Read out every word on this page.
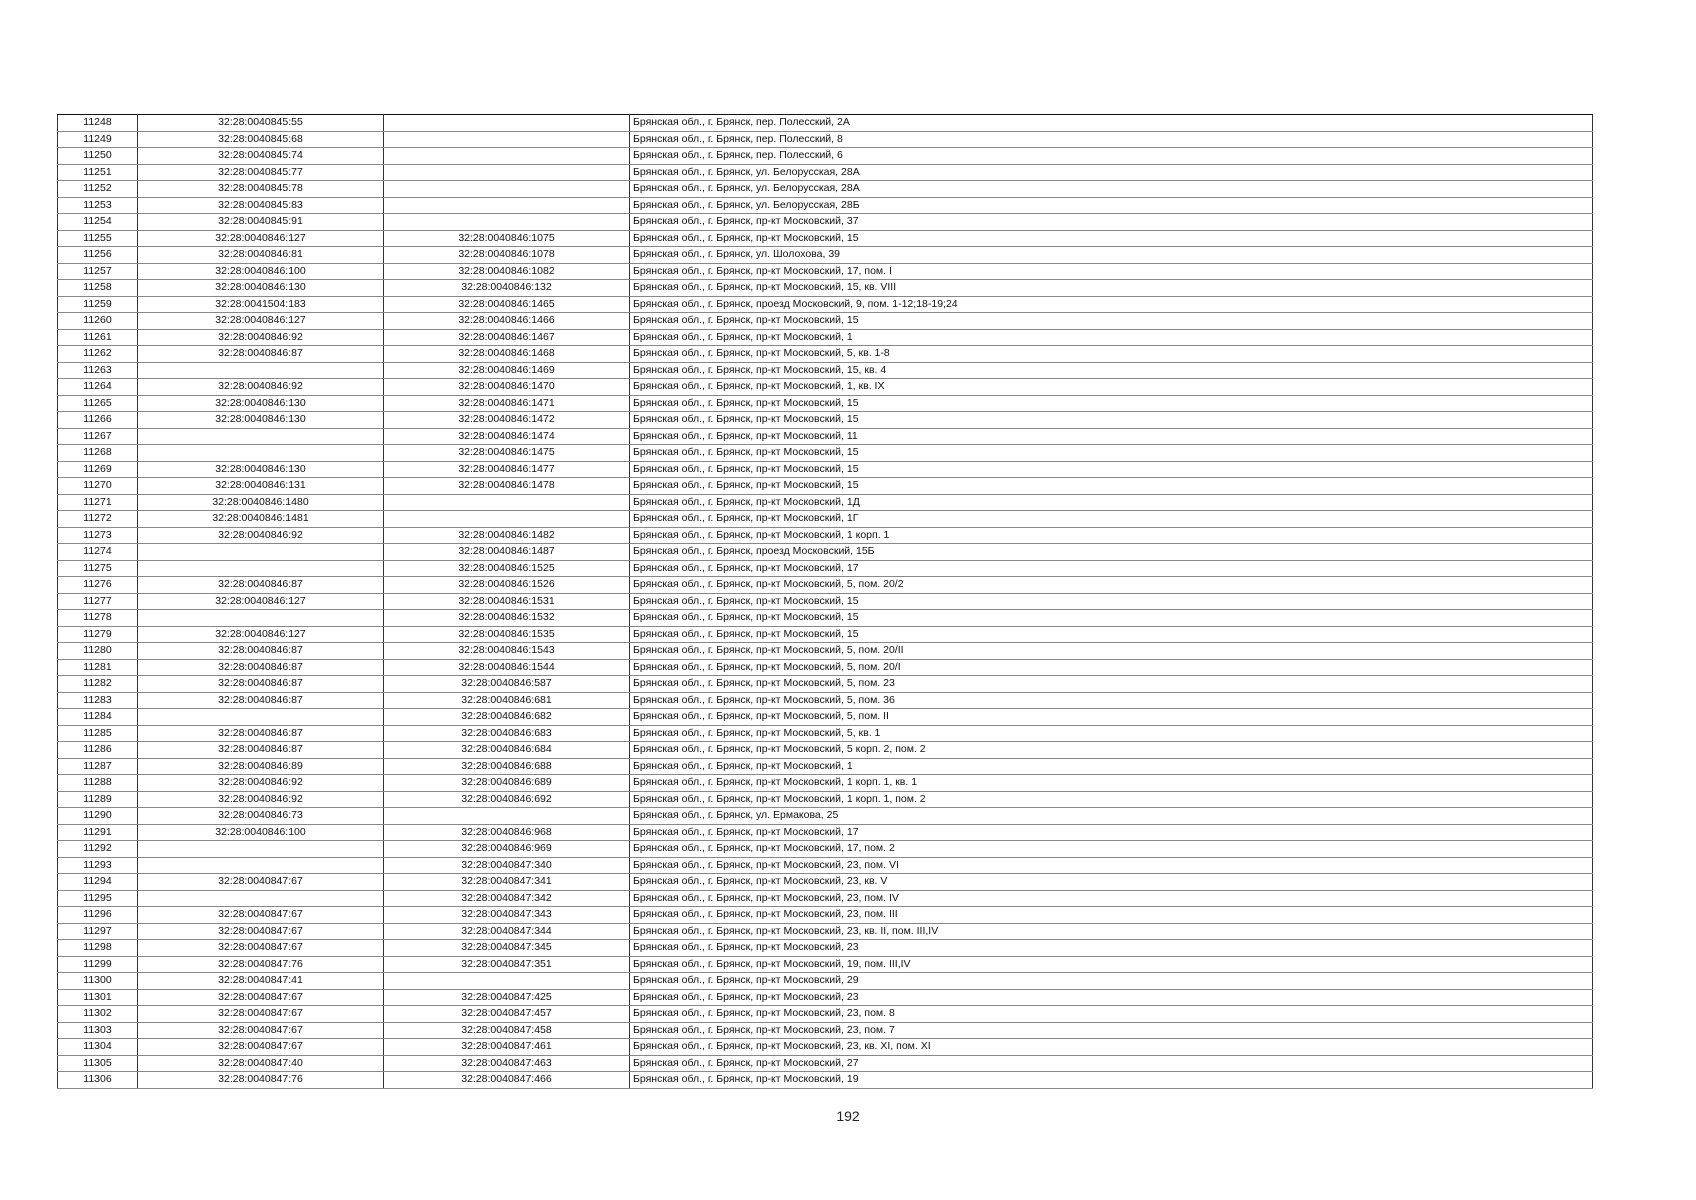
11248	32:28:0040845:55		Брянская обл., г. Брянск, пер. Полесский, 2А
11249	32:28:0040845:68		Брянская обл., г. Брянск, пер. Полесский, 8
11250	32:28:0040845:74		Брянская обл., г. Брянск, пер. Полесский, 6
11251	32:28:0040845:77		Брянская обл., г. Брянск, ул. Белорусская, 28А
11252	32:28:0040845:78		Брянская обл., г. Брянск, ул. Белорусская, 28А
11253	32:28:0040845:83		Брянская обл., г. Брянск, ул. Белорусская, 28Б
11254	32:28:0040845:91		Брянская обл., г. Брянск, пр-кт Московский, 37
11255	32:28:0040846:127	32:28:0040846:1075	Брянская обл., г. Брянск, пр-кт Московский, 15
11256	32:28:0040846:81	32:28:0040846:1078	Брянская обл., г. Брянск, ул. Шолохова, 39
11257	32:28:0040846:100	32:28:0040846:1082	Брянская обл., г. Брянск, пр-кт Московский, 17, пом. I
11258	32:28:0040846:130	32:28:0040846:132	Брянская обл., г. Брянск, пр-кт Московский, 15, кв. VIII
11259	32:28:0041504:183	32:28:0040846:1465	Брянская обл., г. Брянск, проезд Московский, 9, пом. 1-12;18-19;24
11260	32:28:0040846:127	32:28:0040846:1466	Брянская обл., г. Брянск, пр-кт Московский, 15
11261	32:28:0040846:92	32:28:0040846:1467	Брянская обл., г. Брянск, пр-кт Московский, 1
11262	32:28:0040846:87	32:28:0040846:1468	Брянская обл., г. Брянск, пр-кт Московский, 5, кв. 1-8
11263		32:28:0040846:1469	Брянская обл., г. Брянск, пр-кт Московский, 15, кв. 4
11264	32:28:0040846:92	32:28:0040846:1470	Брянская обл., г. Брянск, пр-кт Московский, 1, кв. IX
11265	32:28:0040846:130	32:28:0040846:1471	Брянская обл., г. Брянск, пр-кт Московский, 15
11266	32:28:0040846:130	32:28:0040846:1472	Брянская обл., г. Брянск, пр-кт Московский, 15
11267		32:28:0040846:1474	Брянская обл., г. Брянск, пр-кт Московский, 11
11268		32:28:0040846:1475	Брянская обл., г. Брянск, пр-кт Московский, 15
11269	32:28:0040846:130	32:28:0040846:1477	Брянская обл., г. Брянск, пр-кт Московский, 15
11270	32:28:0040846:131	32:28:0040846:1478	Брянская обл., г. Брянск, пр-кт Московский, 15
11271	32:28:0040846:1480		Брянская обл., г. Брянск, пр-кт Московский, 1Д
11272	32:28:0040846:1481		Брянская обл., г. Брянск, пр-кт Московский, 1Г
11273	32:28:0040846:92	32:28:0040846:1482	Брянская обл., г. Брянск, пр-кт Московский, 1 корп. 1
11274		32:28:0040846:1487	Брянская обл., г. Брянск, проезд Московский, 15Б
11275		32:28:0040846:1525	Брянская обл., г. Брянск, пр-кт Московский, 17
11276	32:28:0040846:87	32:28:0040846:1526	Брянская обл., г. Брянск, пр-кт Московский, 5, пом. 20/2
11277	32:28:0040846:127	32:28:0040846:1531	Брянская обл., г. Брянск, пр-кт Московский, 15
11278		32:28:0040846:1532	Брянская обл., г. Брянск, пр-кт Московский, 15
11279	32:28:0040846:127	32:28:0040846:1535	Брянская обл., г. Брянск, пр-кт Московский, 15
11280	32:28:0040846:87	32:28:0040846:1543	Брянская обл., г. Брянск, пр-кт Московский, 5, пом. 20/II
11281	32:28:0040846:87	32:28:0040846:1544	Брянская обл., г. Брянск, пр-кт Московский, 5, пом. 20/I
11282	32:28:0040846:87	32:28:0040846:587	Брянская обл., г. Брянск, пр-кт Московский, 5, пом. 23
11283	32:28:0040846:87	32:28:0040846:681	Брянская обл., г. Брянск, пр-кт Московский, 5, пом. 36
11284		32:28:0040846:682	Брянская обл., г. Брянск, пр-кт Московский, 5, пом. II
11285	32:28:0040846:87	32:28:0040846:683	Брянская обл., г. Брянск, пр-кт Московский, 5, кв. 1
11286	32:28:0040846:87	32:28:0040846:684	Брянская обл., г. Брянск, пр-кт Московский, 5 корп. 2, пом. 2
11287	32:28:0040846:89	32:28:0040846:688	Брянская обл., г. Брянск, пр-кт Московский, 1
11288	32:28:0040846:92	32:28:0040846:689	Брянская обл., г. Брянск, пр-кт Московский, 1 корп. 1, кв. 1
11289	32:28:0040846:92	32:28:0040846:692	Брянская обл., г. Брянск, пр-кт Московский, 1 корп. 1, пом. 2
11290	32:28:0040846:73		Брянская обл., г. Брянск, ул. Ермакова, 25
11291	32:28:0040846:100	32:28:0040846:968	Брянская обл., г. Брянск, пр-кт Московский, 17
11292		32:28:0040846:969	Брянская обл., г. Брянск, пр-кт Московский, 17, пом. 2
11293		32:28:0040847:340	Брянская обл., г. Брянск, пр-кт Московский, 23, пом. VI
11294	32:28:0040847:67	32:28:0040847:341	Брянская обл., г. Брянск, пр-кт Московский, 23, кв. V
11295		32:28:0040847:342	Брянская обл., г. Брянск, пр-кт Московский, 23, пом. IV
11296	32:28:0040847:67	32:28:0040847:343	Брянская обл., г. Брянск, пр-кт Московский, 23, пом. III
11297	32:28:0040847:67	32:28:0040847:344	Брянская обл., г. Брянск, пр-кт Московский, 23, кв. II, пом. III,IV
11298	32:28:0040847:67	32:28:0040847:345	Брянская обл., г. Брянск, пр-кт Московский, 23
11299	32:28:0040847:76	32:28:0040847:351	Брянская обл., г. Брянск, пр-кт Московский, 19, пом. III,IV
11300	32:28:0040847:41		Брянская обл., г. Брянск, пр-кт Московский, 29
11301	32:28:0040847:67	32:28:0040847:425	Брянская обл., г. Брянск, пр-кт Московский, 23
11302	32:28:0040847:67	32:28:0040847:457	Брянская обл., г. Брянск, пр-кт Московский, 23, пом. 8
11303	32:28:0040847:67	32:28:0040847:458	Брянская обл., г. Брянск, пр-кт Московский, 23, пом. 7
11304	32:28:0040847:67	32:28:0040847:461	Брянская обл., г. Брянск, пр-кт Московский, 23, кв. XI, пом. XI
11305	32:28:0040847:40	32:28:0040847:463	Брянская обл., г. Брянск, пр-кт Московский, 27
11306	32:28:0040847:76	32:28:0040847:466	Брянская обл., г. Брянск, пр-кт Московский, 19
192
